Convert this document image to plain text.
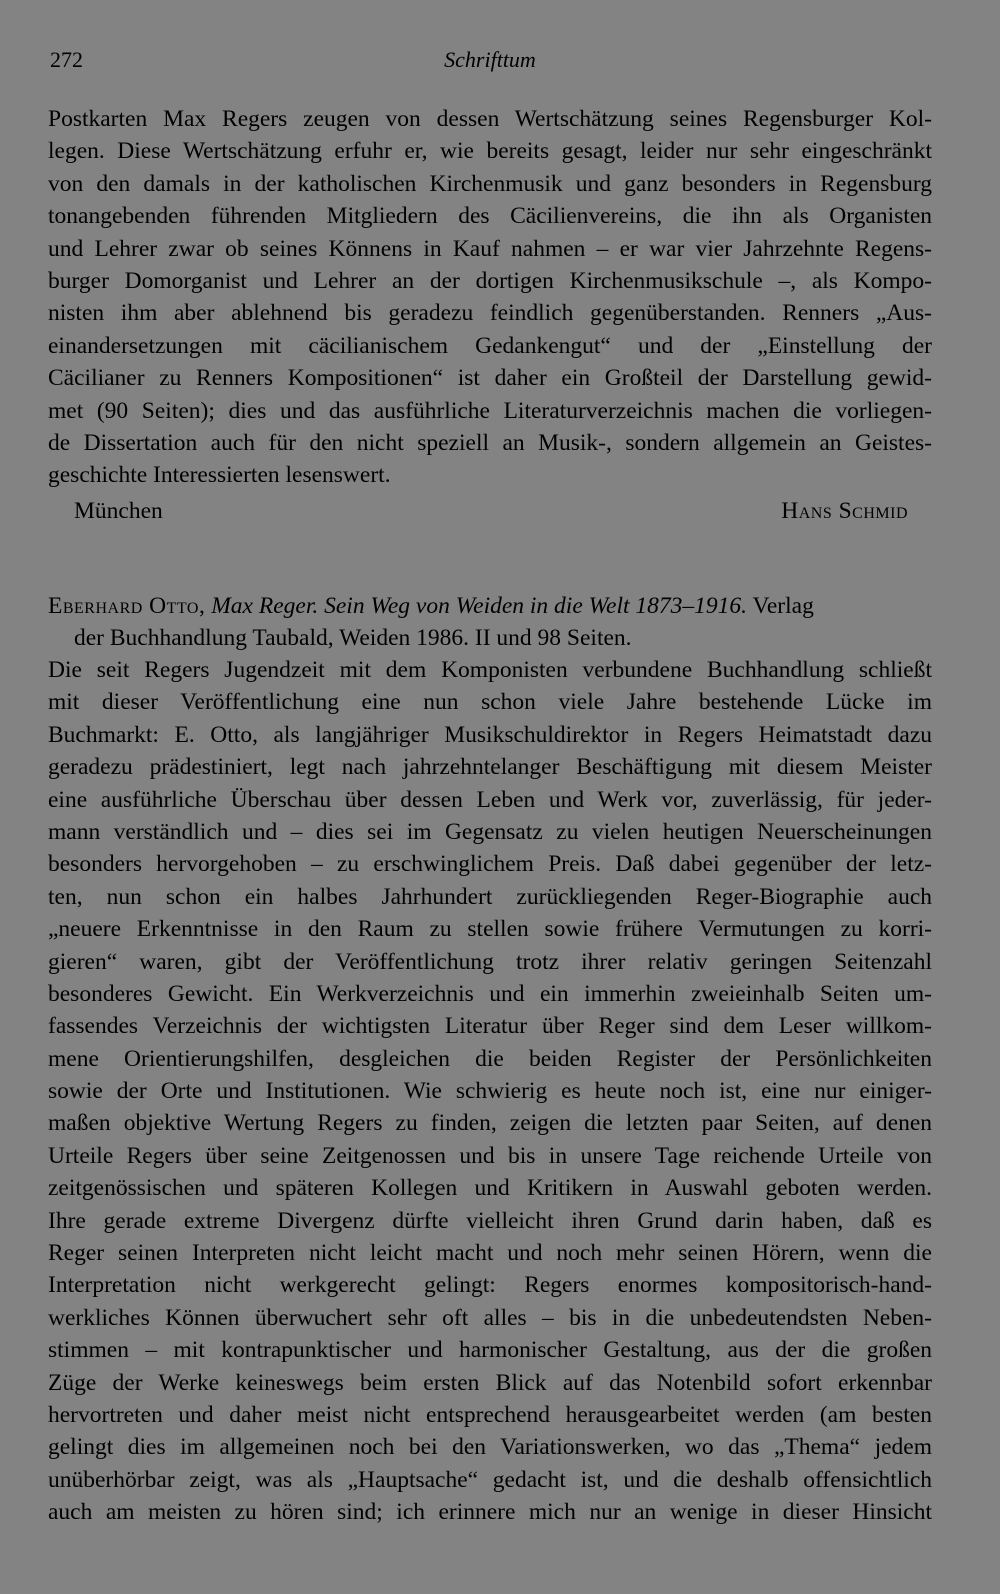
272	Schrifttum
Postkarten Max Regers zeugen von dessen Wertschätzung seines Regensburger Kol-
legen. Diese Wertschätzung erfuhr er, wie bereits gesagt, leider nur sehr eingeschränkt
von den damals in der katholischen Kirchenmusik und ganz besonders in Regensburg
tonangebenden führenden Mitgliedern des Cäcilienvereins, die ihn als Organisten
und Lehrer zwar ob seines Könnens in Kauf nahmen – er war vier Jahrzehnte Regens-
burger Domorganist und Lehrer an der dortigen Kirchenmusikschule –, als Kompo-
nisten ihm aber ablehnend bis geradezu feindlich gegenüberstanden. Renners „Aus-
einandersetzungen mit cäcilianischem Gedankengut“ und der „Einstellung der
Cäcilianer zu Renners Kompositionen“ ist daher ein Großteil der Darstellung gewid-
met (90 Seiten); dies und das ausführliche Literaturverzeichnis machen die vorliegen-
de Dissertation auch für den nicht speziell an Musik-, sondern allgemein an Geistes-
geschichte Interessierten lesenswert.
München	Hans Schmid
Eberhard Otto, Max Reger. Sein Weg von Weiden in die Welt 1873–1916. Verlag
der Buchhandlung Taubald, Weiden 1986. II und 98 Seiten.
Die seit Regers Jugendzeit mit dem Komponisten verbundene Buchhandlung schließt
mit dieser Veröffentlichung eine nun schon viele Jahre bestehende Lücke im
Buchmarkt: E. Otto, als langjähriger Musikschuldirektor in Regers Heimatstadt dazu
geradezu prädestiniert, legt nach jahrzehntelanger Beschäftigung mit diesem Meister
eine ausführliche Überschau über dessen Leben und Werk vor, zuverlässig, für jeder-
mann verständlich und – dies sei im Gegensatz zu vielen heutigen Neuerscheinungen
besonders hervorgehoben – zu erschwinglichem Preis. Daß dabei gegenüber der letz-
ten, nun schon ein halbes Jahrhundert zurückliegenden Reger-Biographie auch
„neuere Erkenntnisse in den Raum zu stellen sowie frühere Vermutungen zu korri-
gieren“ waren, gibt der Veröffentlichung trotz ihrer relativ geringen Seitenzahl
besonderes Gewicht. Ein Werkverzeichnis und ein immerhin zweieinhalb Seiten um-
fassendes Verzeichnis der wichtigsten Literatur über Reger sind dem Leser willkom-
mene Orientierungshilfen, desgleichen die beiden Register der Persönlichkeiten
sowie der Orte und Institutionen. Wie schwierig es heute noch ist, eine nur einiger-
maßen objektive Wertung Regers zu finden, zeigen die letzten paar Seiten, auf denen
Urteile Regers über seine Zeitgenossen und bis in unsere Tage reichende Urteile von
zeitgenössischen und späteren Kollegen und Kritikern in Auswahl geboten werden.
Ihre gerade extreme Divergenz dürfte vielleicht ihren Grund darin haben, daß es
Reger seinen Interpreten nicht leicht macht und noch mehr seinen Hörern, wenn die
Interpretation nicht werkgerecht gelingt: Regers enormes kompositorisch-hand-
werkliches Können überwuchert sehr oft alles – bis in die unbedeutendsten Neben-
stimmen – mit kontrapunktischer und harmonischer Gestaltung, aus der die großen
Züge der Werke keineswegs beim ersten Blick auf das Notenbild sofort erkennbar
hervortreten und daher meist nicht entsprechend herausgearbeitet werden (am besten
gelingt dies im allgemeinen noch bei den Variationswerken, wo das „Thema“ jedem
unüberhörbar zeigt, was als „Hauptsache“ gedacht ist, und die deshalb offensichtlich
auch am meisten zu hören sind; ich erinnere mich nur an wenige in dieser Hinsicht
